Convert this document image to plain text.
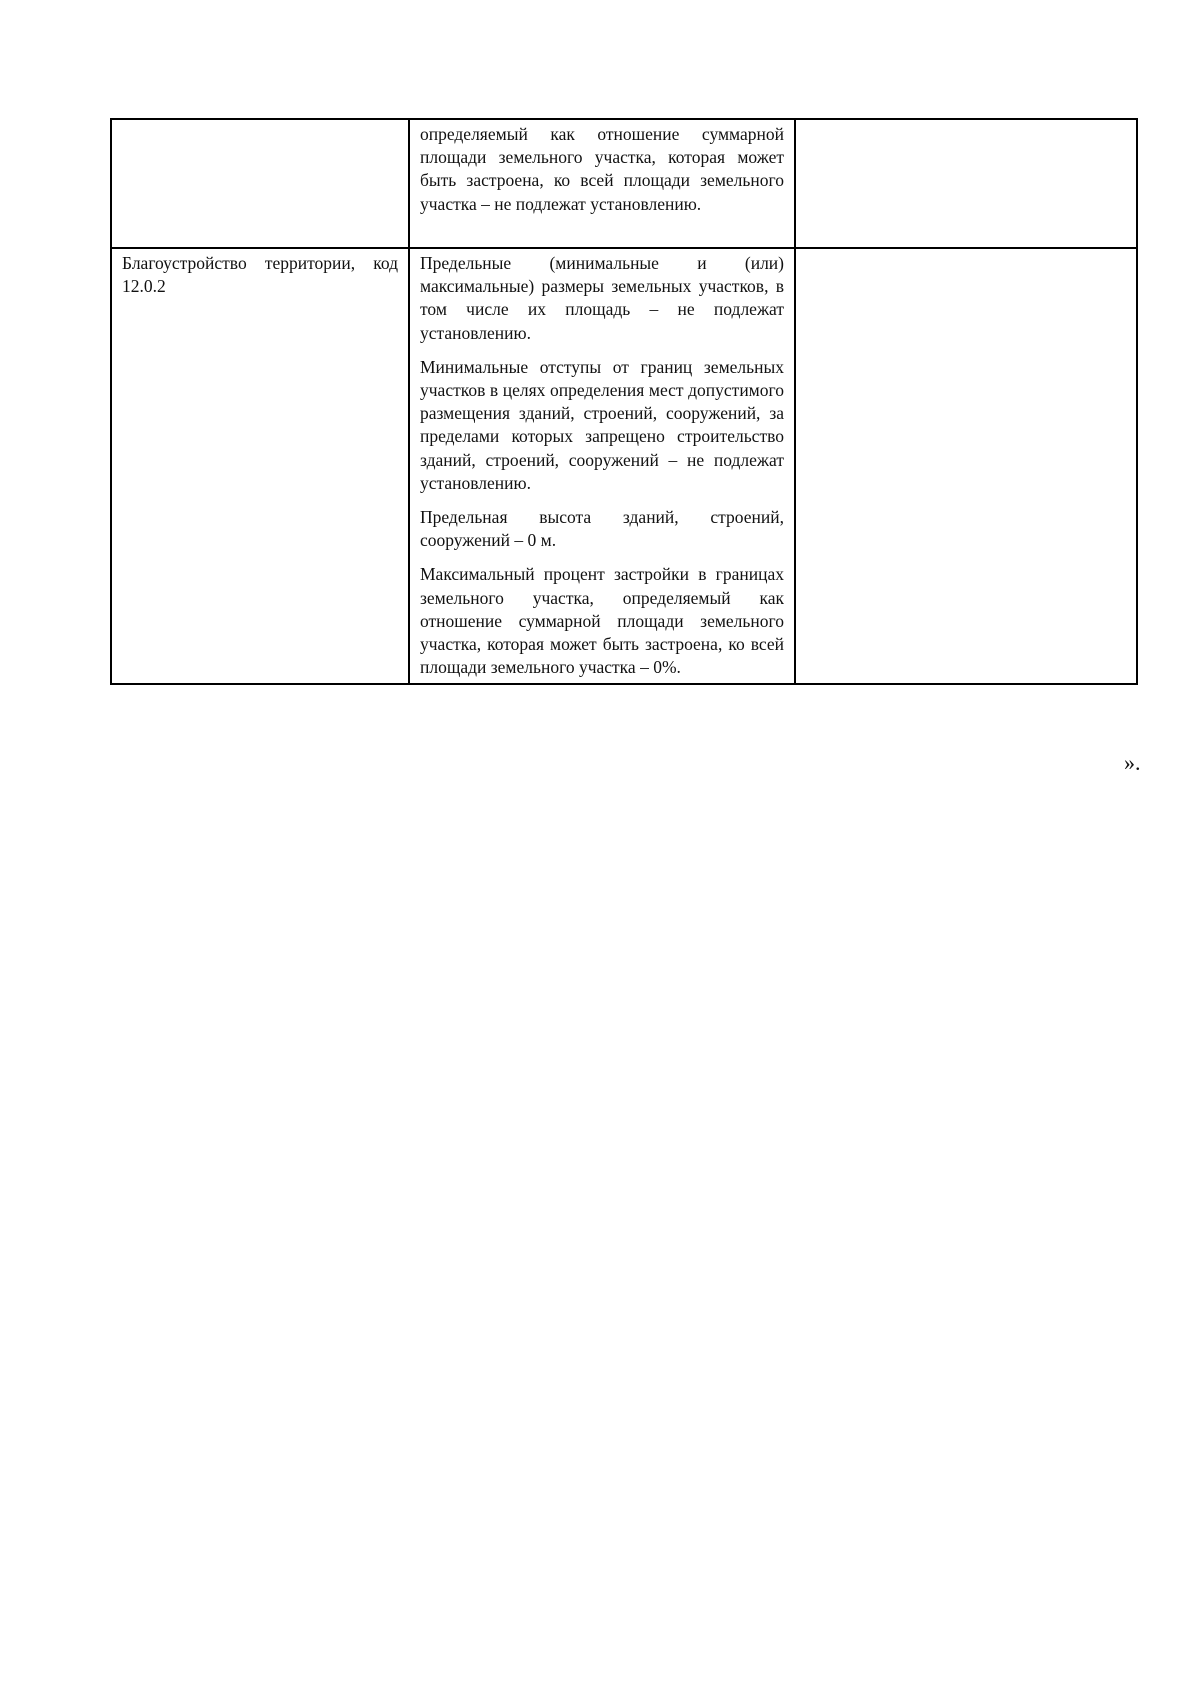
	определяемый как отношение суммарной площади земельного участка, которая может быть застроена, ко всей площади земельного участка – не подлежат установлению.	

Благоустройство территории, код 12.0.2	Предельные (минимальные и (или) максимальные) размеры земельных участков, в том числе их площадь – не подлежат установлению.

Минимальные отступы от границ земельных участков в целях определения мест допустимого размещения зданий, строений, сооружений, за пределами которых запрещено строительство зданий, строений, сооружений – не подлежат установлению.

Предельная высота зданий, строений, сооружений – 0 м.

Максимальный процент застройки в границах земельного участка, определяемый как отношение суммарной площади земельного участка, которая может быть застроена, ко всей площади земельного участка – 0%.	

».
